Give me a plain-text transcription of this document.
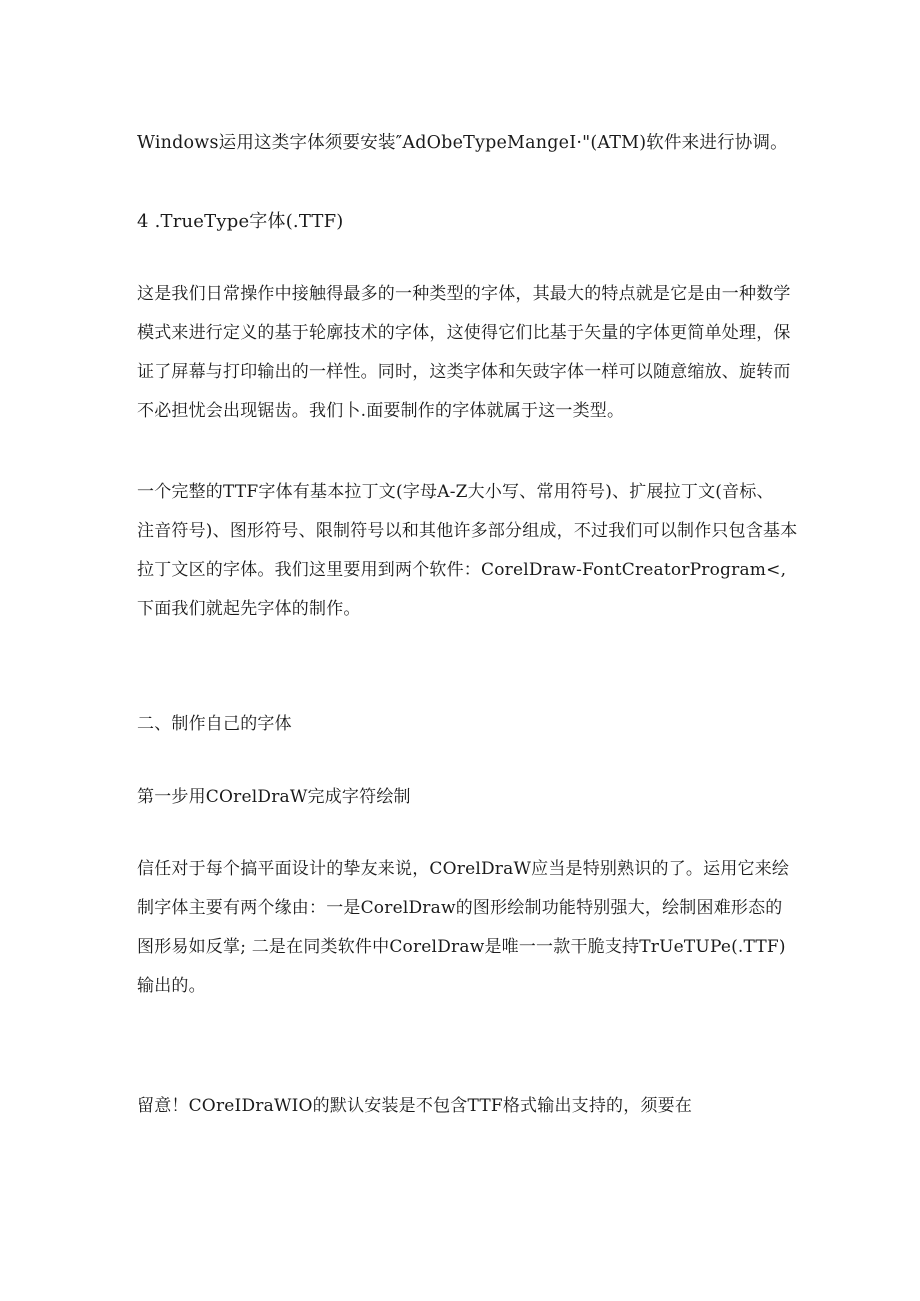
Windows运用这类字体须要安装″AdObeTypeMangeI·"(ATM)软件来进行协调。
4 .TrueType字体(.TTF)
这是我们日常操作中接触得最多的一种类型的字体，其最大的特点就是它是由一种数学
模式来进行定义的基于轮廓技术的字体，这使得它们比基于矢量的字体更简单处理，保
证了屏幕与打印输出的一样性。同时，这类字体和矢豉字体一样可以随意缩放、旋转而
不必担忧会出现锯齿。我们卜.面要制作的字体就属于这一类型。
一个完整的TTF字体有基本拉丁文(字母A-Z大小写、常用符号)、扩展拉丁文(音标、
注音符号)、图形符号、限制符号以和其他许多部分组成，不过我们可以制作只包含基本
拉丁文区的字体。我们这里要用到两个软件：CorelDraw-FontCreatorProgram<,
下面我们就起先字体的制作。
二、制作自己的字体
第一步用COrelDraW完成字符绘制
信任对于每个搞平面设计的挚友来说，COrelDraW应当是特别熟识的了。运用它来绘
制字体主要有两个缘由：一是CorelDraw的图形绘制功能特别强大，绘制困难形态的
图形易如反掌; 二是在同类软件中CorelDraw是唯一一款干脆支持TrUeTUPe(.TTF)
输出的。
留意！COreIDraWIO的默认安装是不包含TTF格式输出支持的，须要在
